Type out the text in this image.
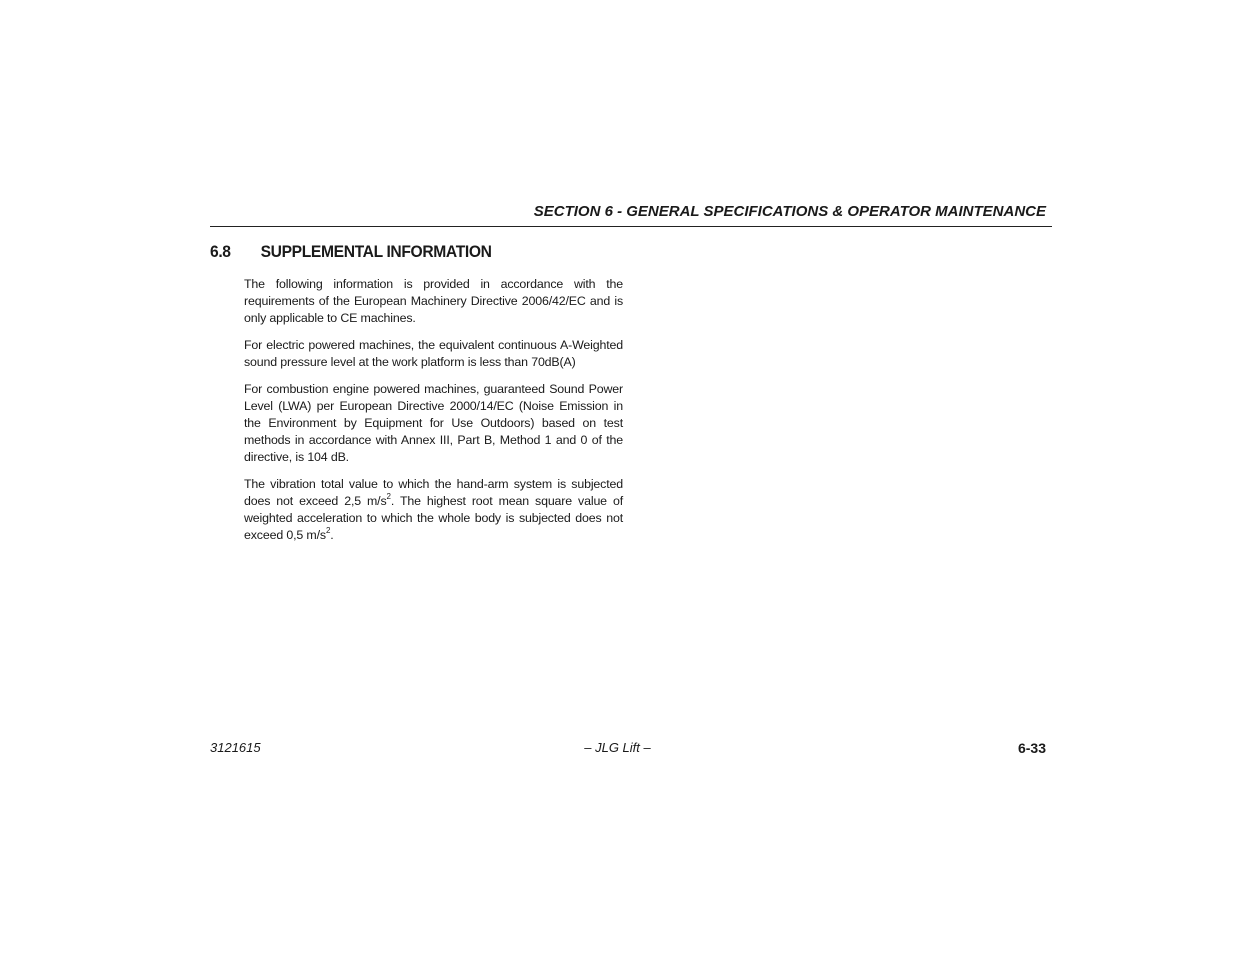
SECTION 6 - GENERAL SPECIFICATIONS & OPERATOR MAINTENANCE
6.8 SUPPLEMENTAL INFORMATION

The following information is provided in accordance with the requirements of the European Machinery Directive 2006/42/EC and is only applicable to CE machines.

For electric powered machines, the equivalent continuous A-Weighted sound pressure level at the work platform is less than 70dB(A)

For combustion engine powered machines, guaranteed Sound Power Level (LWA) per European Directive 2000/14/EC (Noise Emission in the Environment by Equipment for Use Outdoors) based on test methods in accordance with Annex III, Part B, Method 1 and 0 of the directive, is 104 dB.

The vibration total value to which the hand-arm system is subjected does not exceed 2,5 $m/s^2$. The highest root mean square value of weighted acceleration to which the whole body is subjected does not exceed 0,5 $m/s^2$.

3121615	– JLG Lift –	6-33
